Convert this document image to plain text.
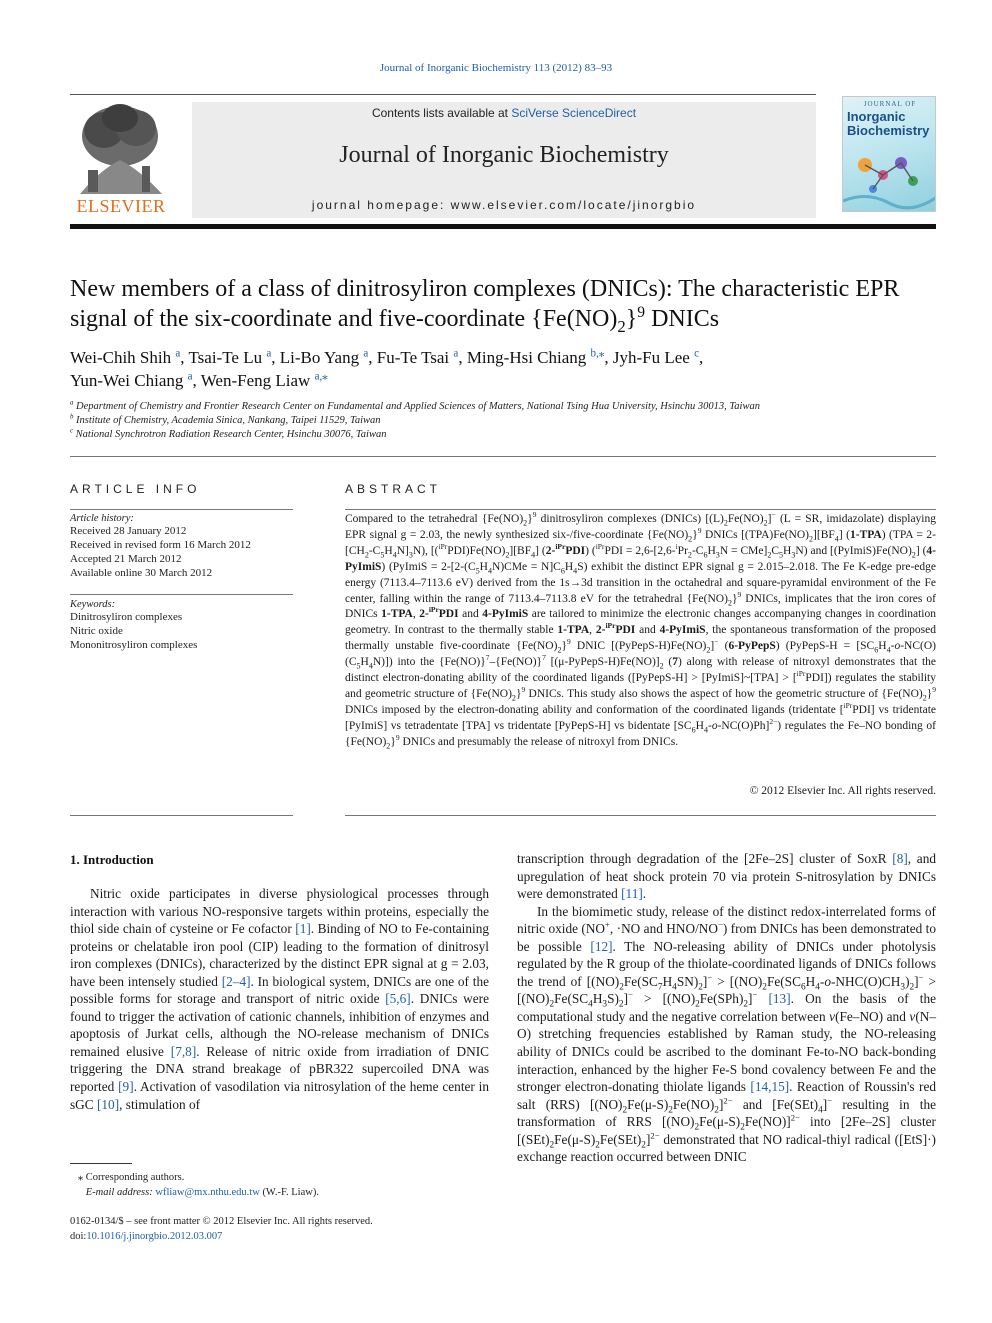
Journal of Inorganic Biochemistry 113 (2012) 83–93
ELSEVIER
Contents lists available at SciVerse ScienceDirect
Journal of Inorganic Biochemistry
journal homepage: www.elsevier.com/locate/jinorgbio
JOURNAL OF
Inorganic
Biochemistry
New members of a class of dinitrosyliron complexes (DNICs): The characteristic EPR
signal of the six-coordinate and five-coordinate $\{Fe(NO)_2\}^9$ DNICs
Wei-Chih Shih $^a$, Tsai-Te Lu $^a$, Li-Bo Yang $^a$, Fu-Te Tsai $^a$, Ming-Hsi Chiang $^{b,⁎}$, Jyh-Fu Lee $^c$,
Yun-Wei Chiang $^a$, Wen-Feng Liaw $^{a,⁎}$
$^a$ Department of Chemistry and Frontier Research Center on Fundamental and Applied Sciences of Matters, National Tsing Hua University, Hsinchu 30013, Taiwan
$^b$ Institute of Chemistry, Academia Sinica, Nankang, Taipei 11529, Taiwan
$^c$ National Synchrotron Radiation Research Center, Hsinchu 30076, Taiwan
ARTICLE INFO
Article history:
Received 28 January 2012
Received in revised form 16 March 2012
Accepted 21 March 2012
Available online 30 March 2012
Keywords:
Dinitrosyliron complexes
Nitric oxide
Mononitrosyliron complexes
ABSTRACT
Compared to the tetrahedral $\{Fe(NO)_2\}^9$ dinitrosyliron complexes (DNICs) $[(L)_2Fe(NO)_2]^-$ (L = SR, imidazolate) displaying EPR signal g = 2.03, the newly synthesized six-/five-coordinate $\{Fe(NO)_2\}^9$ DNICs $[(TPA)Fe(NO)_2][BF_4]$ (1-TPA) $(TPA = 2-[CH_2-C_5H_4N]_3N)$, $[(^{iPr}PDI)Fe(NO)_2][BF_4]$ (2-$^{iPr}$PDI) $(^{iPr}PDI = 2,6-[2,6-^iPr_2-C_6H_3N = CMe]_2C_5H_3N)$ and $[(PyImiS)Fe(NO)_2]$ (4-PyImiS) (PyImiS = $2-[2-(C_5H_4N)CMe = N]C_6H_4S$) exhibit the distinct EPR signal g = 2.015–2.018. The Fe K-edge pre-edge energy (7113.4–7113.6 eV) derived from the 1s→3d transition in the octahedral and square-pyramidal environment of the Fe center, falling within the range of 7113.4–7113.8 eV for the tetrahedral $\{Fe(NO)_2\}^9$ DNICs, implicates that the iron cores of DNICs 1-TPA, 2-$^{iPr}$PDI and 4-PyImiS are tailored to minimize the electronic changes accompanying changes in coordination geometry. In contrast to the thermally stable 1-TPA, 2-$^{iPr}$PDI and 4-PyImiS, the spontaneous transformation of the proposed thermally unstable five-coordinate $\{Fe(NO)_2\}^9$ DNIC $[(PyPepS-H)Fe(NO)_2]^-$ (6-PyPepS) (PyPepS-H = $[SC_6H_4-o-NC(O)(C_5H_4N)]$) into the $\{Fe(NO)\}^7-\{Fe(NO)\}^7$ $[(\mu-PyPepS-H)Fe(NO)]_2$ (7) along with release of nitroxyl demonstrates that the distinct electron-donating ability of the coordinated ligands ([PyPepS-H] > [PyImiS]~[TPA] > [$^{iPr}$PDI]) regulates the stability and geometric structure of $\{Fe(NO)_2\}^9$ DNICs. This study also shows the aspect of how the geometric structure of $\{Fe(NO)_2\}^9$ DNICs imposed by the electron-donating ability and conformation of the coordinated ligands (tridentate [$^{iPr}$PDI] vs tridentate [PyImiS] vs tetradentate [TPA] vs tridentate [PyPepS-H] vs bidentate $[SC_6H_4-o-NC(O)Ph]^{2-}$) regulates the Fe–NO bonding of $\{Fe(NO)_2\}^9$ DNICs and presumably the release of nitroxyl from DNICs.
© 2012 Elsevier Inc. All rights reserved.
1. Introduction

Nitric oxide participates in diverse physiological processes through interaction with various NO-responsive targets within proteins, especially the thiol side chain of cysteine or Fe cofactor [1]. Binding of NO to Fe-containing proteins or chelatable iron pool (CIP) leading to the formation of dinitrosyl iron complexes (DNICs), characterized by the distinct EPR signal at g = 2.03, have been intensely studied [2–4]. In biological system, DNICs are one of the possible forms for storage and transport of nitric oxide [5,6]. DNICs were found to trigger the activation of cationic channels, inhibition of enzymes and apoptosis of Jurkat cells, although the NO-release mechanism of DNICs remained elusive [7,8]. Release of nitric oxide from irradiation of DNIC triggering the DNA strand breakage of pBR322 supercoiled DNA was reported [9]. Activation of vasodilation via nitrosylation of the heme center in sGC [10], stimulation of

transcription through degradation of the [2Fe–2S] cluster of SoxR [8], and upregulation of heat shock protein 70 via protein S-nitrosylation by DNICs were demonstrated [11].

In the biomimetic study, release of the distinct redox-interrelated forms of nitric oxide (NO+, ·NO and HNO/NO−) from DNICs has been demonstrated to be possible [12]. The NO-releasing ability of DNICs under photolysis regulated by the R group of the thiolate-coordinated ligands of DNICs follows the trend of $[(NO)_2Fe(SC_7H_4SN)_2]^- > [(NO)_2Fe(SC_6H_4-o-NHC(O)CH_3)_2]^- > [(NO)_2Fe(SC_4H_3S)_2]^- > [(NO)_2Fe(SPh)_2]^-$ [13]. On the basis of the computational study and the negative correlation between ν(Fe–NO) and ν(N–O) stretching frequencies established by Raman study, the NO-releasing ability of DNICs could be ascribed to the dominant Fe-to-NO back-bonding interaction, enhanced by the higher Fe-S bond covalency between Fe and the stronger electron-donating thiolate ligands [14,15]. Reaction of Roussin's red salt (RRS) $[(NO)_2Fe(\mu-S)_2Fe(NO)_2]^{2-}$ and $[Fe(SEt)_4]^-$ resulting in the transformation of RRS $[(NO)_2Fe(\mu-S)_2Fe(NO)]^{2-}$ into [2Fe–2S] cluster $[(SEt)_2Fe(\mu-S)_2Fe(SEt)_2]^{2-}$ demonstrated that NO radical-thiyl radical ([EtS]·) exchange reaction occurred between DNIC

⁎ Corresponding authors.
E-mail address: wfliaw@mx.nthu.edu.tw (W.-F. Liaw).
0162-0134/$ – see front matter © 2012 Elsevier Inc. All rights reserved.
doi:10.1016/j.jinorgbio.2012.03.007
